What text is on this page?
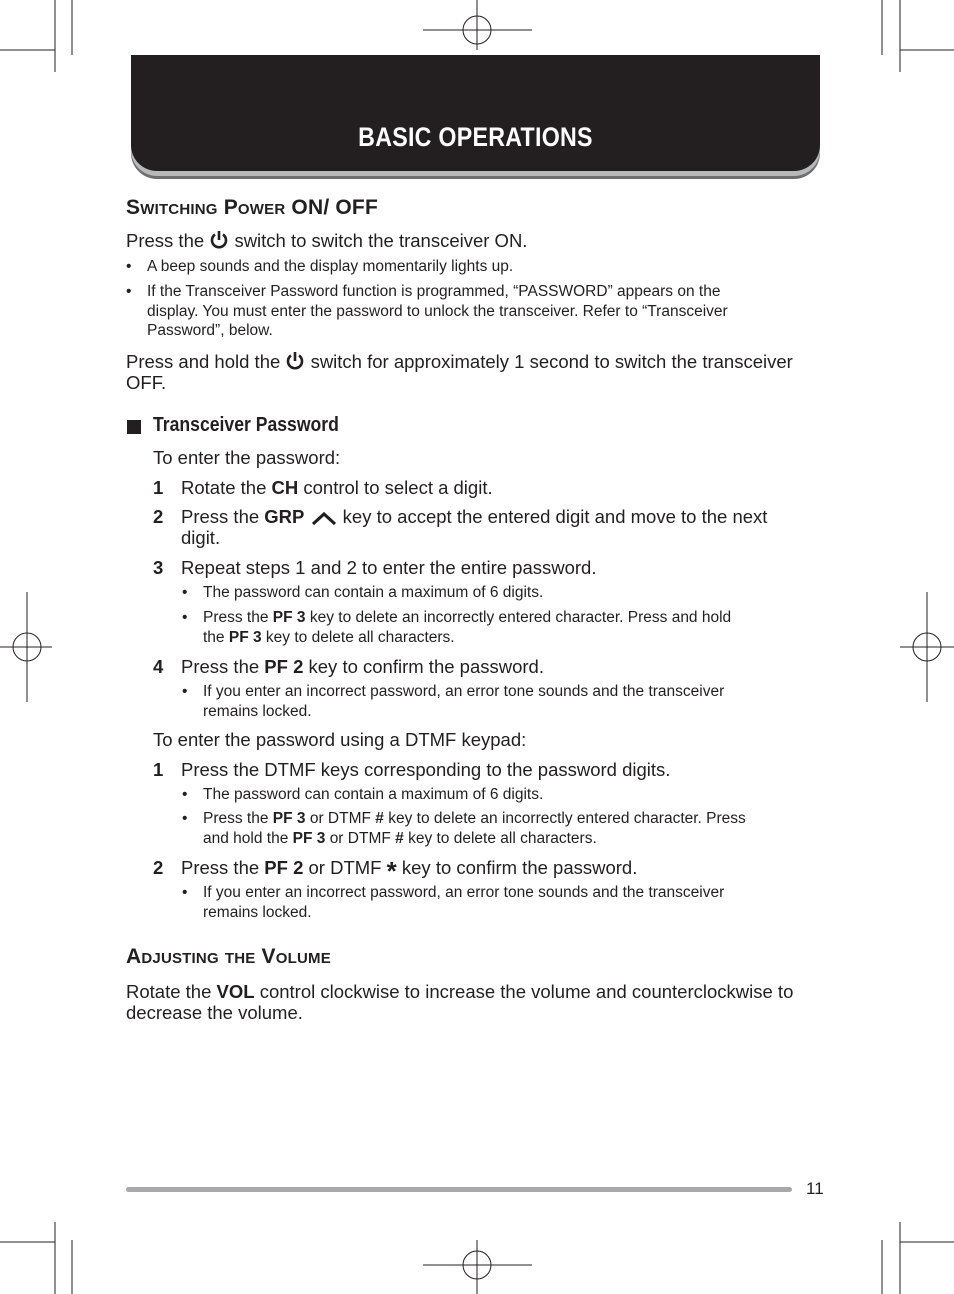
BASIC OPERATIONS
SWITCHING POWER ON/ OFF
Press the switch to switch the transceiver ON.
• A beep sounds and the display momentarily lights up.
• If the Transceiver Password function is programmed, “PASSWORD” appears on the
display. You must enter the password to unlock the transceiver. Refer to “Transceiver
Password”, below.
Press and hold the switch for approximately 1 second to switch the transceiver
OFF.
Transceiver Password
To enter the password:
1 Rotate the CH control to select a digit.
2 Press the GRP key to accept the entered digit and move to the next
digit.
3 Repeat steps 1 and 2 to enter the entire password.
• The password can contain a maximum of 6 digits.
• Press the PF 3 key to delete an incorrectly entered character. Press and hold
the PF 3 key to delete all characters.
4 Press the PF 2 key to confirm the password.
• If you enter an incorrect password, an error tone sounds and the transceiver
remains locked.
To enter the password using a DTMF keypad:
1 Press the DTMF keys corresponding to the password digits.
• The password can contain a maximum of 6 digits.
• Press the PF 3 or DTMF # key to delete an incorrectly entered character. Press
and hold the PF 3 or DTMF # key to delete all characters.
2 Press the PF 2 or DTMF * key to confirm the password.
• If you enter an incorrect password, an error tone sounds and the transceiver
remains locked.
ADJUSTING THE VOLUME
Rotate the VOL control clockwise to increase the volume and counterclockwise to
decrease the volume.
11
